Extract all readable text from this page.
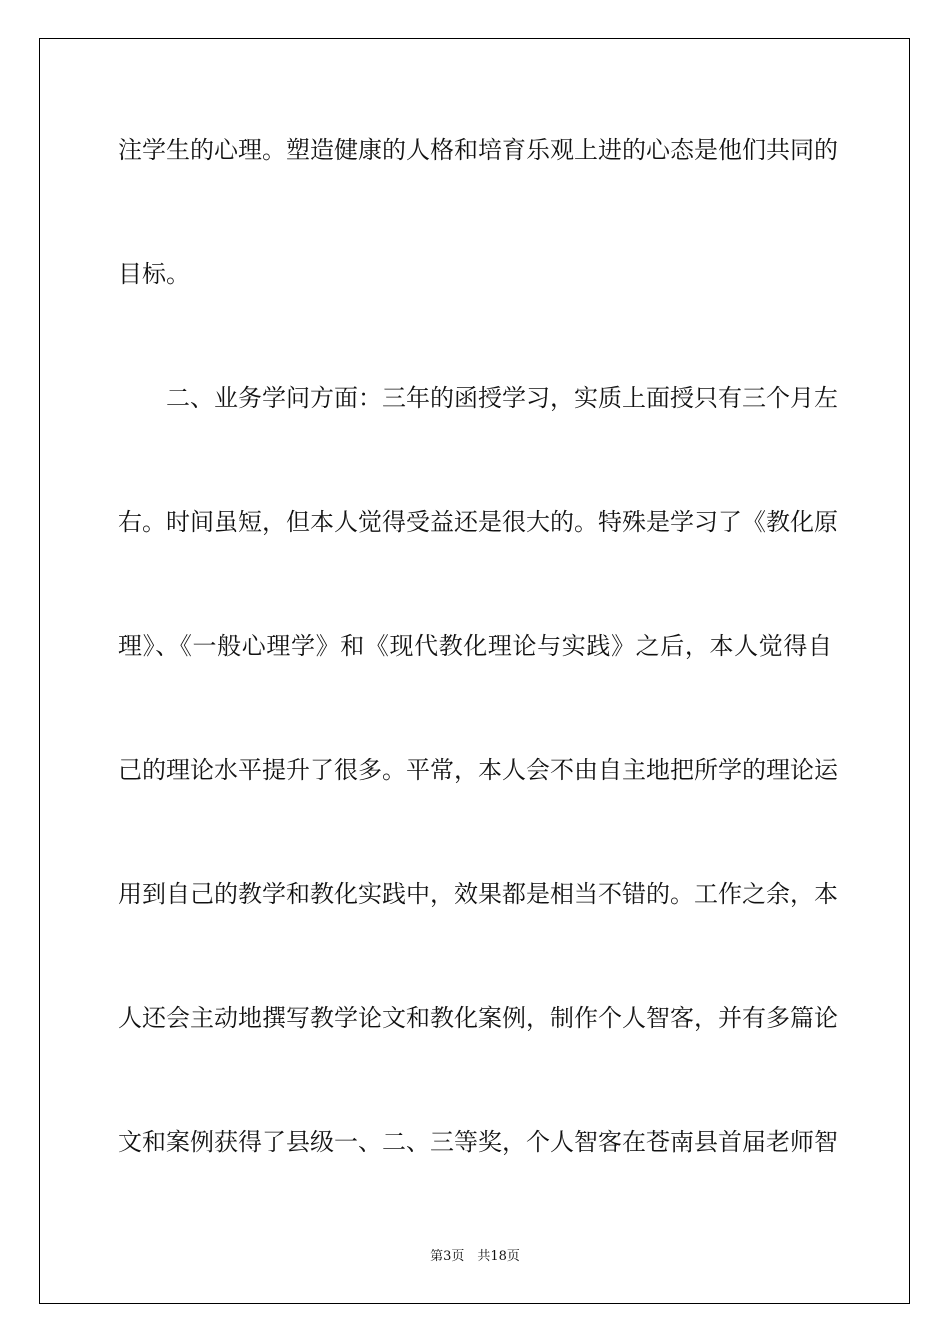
注学生的心理。塑造健康的人格和培育乐观上进的心态是他们共同的
目标。
二、业务学问方面：三年的函授学习，实质上面授只有三个月左
右。时间虽短，但本人觉得受益还是很大的。特殊是学习了《教化原
理》、《一般心理学》和《现代教化理论与实践》之后，本人觉得自
己的理论水平提升了很多。平常，本人会不由自主地把所学的理论运
用到自己的教学和教化实践中，效果都是相当不错的。工作之余，本
人还会主动地撰写教学论文和教化案例，制作个人智客，并有多篇论
文和案例获得了县级一、二、三等奖，个人智客在苍南县首届老师智
第3页　共18页
